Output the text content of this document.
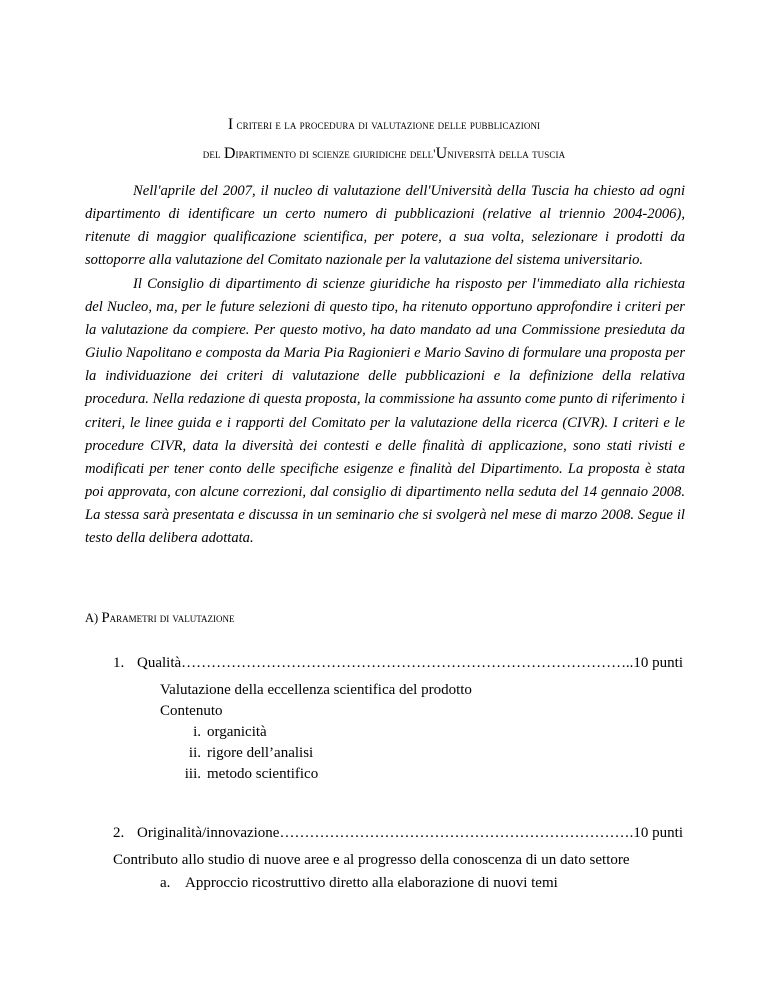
I criteri e la procedura di valutazione delle pubblicazioni
del Dipartimento di scienze giuridiche dell'Università della tuscia

Nell'aprile del 2007, il nucleo di valutazione dell'Università della Tuscia ha chiesto ad ogni dipartimento di identificare un certo numero di pubblicazioni (relative al triennio 2004-2006), ritenute di maggior qualificazione scientifica, per potere, a sua volta, selezionare i prodotti da sottoporre alla valutazione del Comitato nazionale per la valutazione del sistema universitario.

Il Consiglio di dipartimento di scienze giuridiche ha risposto per l'immediato alla richiesta del Nucleo, ma, per le future selezioni di questo tipo, ha ritenuto opportuno approfondire i criteri per la valutazione da compiere. Per questo motivo, ha dato mandato ad una Commissione presieduta da Giulio Napolitano e composta da Maria Pia Ragionieri e Mario Savino di formulare una proposta per la individuazione dei criteri di valutazione delle pubblicazioni e la definizione della relativa procedura. Nella redazione di questa proposta, la commissione ha assunto come punto di riferimento i criteri, le linee guida e i rapporti del Comitato per la valutazione della ricerca (CIVR). I criteri e le procedure CIVR, data la diversità dei contesti e delle finalità di applicazione, sono stati rivisti e modificati per tener conto delle specifiche esigenze e finalità del Dipartimento. La proposta è stata poi approvata, con alcune correzioni, dal consiglio di dipartimento nella seduta del 14 gennaio 2008. La stessa sarà presentata e discussa in un seminario che si svolgerà nel mese di marzo 2008. Segue il testo della delibera adottata.

A) Parametri di valutazione
1. Qualità ………………………………………………………………………………………………………………	..10 punti
Valutazione della eccellenza scientifica del prodotto
Contenuto
i. organicità
ii. rigore dell’analisi
iii. metodo scientifico
2. Originalità/innovazione ………………………………………………………………………………………………………………	.10 punti
Contributo allo studio di nuove aree e al progresso della conoscenza di un dato settore
a. Approccio ricostruttivo diretto alla elaborazione di nuovi temi
